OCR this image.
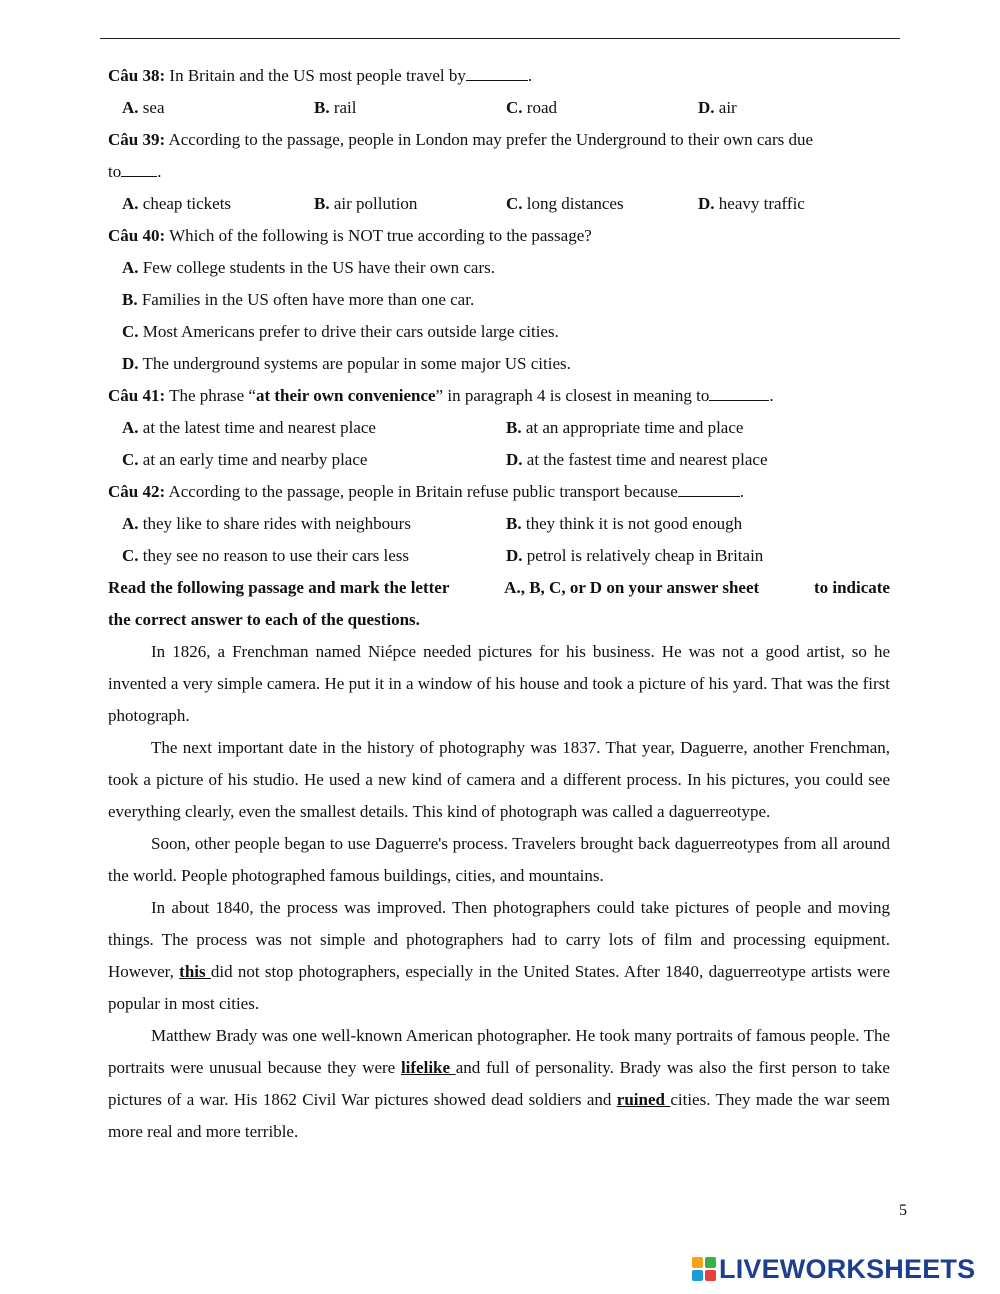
Câu 38: In Britain and the US most people travel by	.
A. sea	B. rail	C. road	D. air
Câu 39: According to the passage, people in London may prefer the Underground to their own cars due
to .
A. cheap tickets	B. air pollution	C. long distances	D. heavy traffic
Câu 40: Which of the following is NOT true according to the passage?
A. Few college students in the US have their own cars.
B. Families in the US often have more than one car.
C. Most Americans prefer to drive their cars outside large cities.
D. The underground systems are popular in some major US cities.
Câu 41: The phrase “at their own convenience” in paragraph 4 is closest in meaning to	.
A. at the latest time and nearest place	B. at an appropriate time and place
C. at an early time and nearby place	D. at the fastest time and nearest place
Câu 42: According to the passage, people in Britain refuse public transport because	.
A. they like to share rides with neighbours	B. they think it is not good enough
C. they see no reason to use their cars less	D. petrol is relatively cheap in Britain
Read the following passage and mark the letter	A., B, C, or D on your answer sheet	to indicate
the correct answer to each of the questions.
In 1826, a Frenchman named Niépce needed pictures for his business. He was not a good artist, so he invented a very simple camera. He put it in a window of his house and took a picture of his yard. That was the first photograph.
The next important date in the history of photography was 1837. That year, Daguerre, another Frenchman, took a picture of his studio. He used a new kind of camera and a different process. In his pictures, you could see everything clearly, even the smallest details. This kind of photograph was called a daguerreotype.
Soon, other people began to use Daguerre's process. Travelers brought back daguerreotypes from all around the world. People photographed famous buildings, cities, and mountains.
In about 1840, the process was improved. Then photographers could take pictures of people and moving things. The process was not simple and photographers had to carry lots of film and processing equipment. However, this did not stop photographers, especially in the United States. After 1840, daguerreotype artists were popular in most cities.
Matthew Brady was one well-known American photographer. He took many portraits of famous people. The portraits were unusual because they were lifelike and full of personality. Brady was also the first person to take pictures of a war. His 1862 Civil War pictures showed dead soldiers and ruined cities. They made the war seem more real and more terrible.
5
LIVEWORKSHEETS
